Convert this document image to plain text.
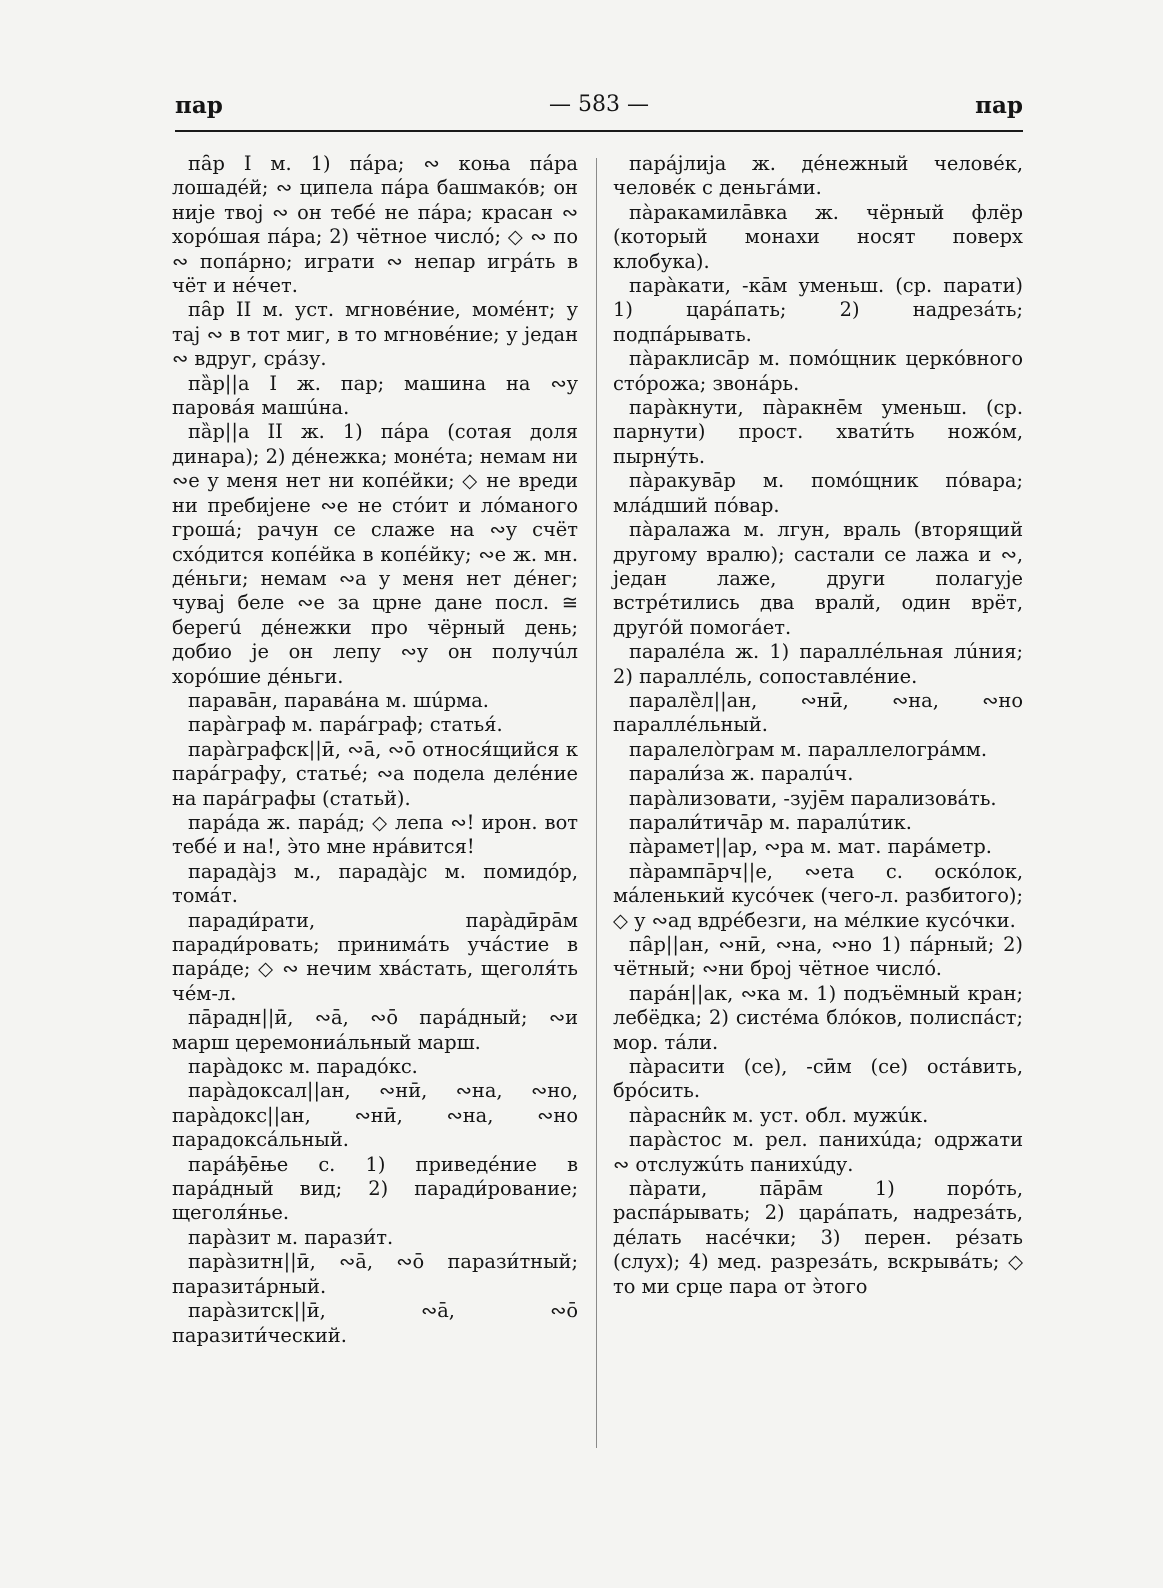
пар	— 583 —	пар

па̑р I м. 1) пáра; ∾ коња пáра лошадéй; ∾ ципела пáра башмакóв; он није твој ∾ он тебé не пáра; красан ∾ хорóшая пáра; 2) чётное числó; ◇ ∾ по ∾ попáрно; играти ∾ непар игрáть в чёт и нéчет.

па̑р II м. уст. мгновéние, момéнт; у тај ∾ в тот миг, в то мгновéние; у један ∾ вдруг, срáзу.

па̏р||а I ж. пар; машина на ∾у паровáя машúна.

па̏р||а II ж. 1) пáра (сотая доля динара); 2) дéнежка; монéта; немам ни ∾е у меня нет ни копéйки; ◇ не вреди ни пребијене ∾е не стóит и лóманого грошá; рачун се слаже на ∾у счёт схóдится копéйка в копéйку; ∾е ж. мн. дéньги; немам ∾а у меня нет дéнег; чувај беле ∾е за црне дане посл. ≅ берегú дéнежки про чёрный день; добио је он лепу ∾у он получúл хорóшие дéньги.

парава̄н, паравáна м. шúрма.

пара̀граф м. парáграф; статья́.

пара̀графск||ӣ, ∾а̄, ∾о̄ относя́щийся к парáграфу, статьé; ∾а подела делéние на парáграфы (статьй).

пара́да ж. парáд; ◇ лепа ∾! ирон. вот тебé и на!, э̀то мне нрáвится!

парада̀јз м., парада̀јс м. помидóр, томáт.

паради́рати, пара̀дӣра̄м паради́ровать; принимáть учáстие в парáде; ◇ ∾ нечим хвáстать, щеголя́ть чéм-л.

па̄радн||ӣ, ∾а̄, ∾о̄ парáдный; ∾и марш церемониáльный марш.

пара̀докс м. парадóкс.

пара̀доксал||ан, ∾нӣ, ∾на, ∾но, пара̀докс||ан, ∾нӣ, ∾на, ∾но парадоксáльный.

пара́ђе̄ње с. 1) приведéние в парáдный вид; 2) паради́рование; щеголя́нье.

пара̀зит м. парази́т.

пара̀зитн||ӣ, ∾а̄, ∾о̄ парази́тный; паразитáрный.

пара̀зитск||ӣ, ∾а̄, ∾о̄ паразити́ческий.

пара́јлија ж. дéнежный человéк, человéк с деньгáми.

па̀ракамила̄вка ж. чёрный флёр (который монахи носят поверх клобука).

пара̀кати, -ка̄м уменьш. (ср. парати) 1) царáпать; 2) надрезáть; подпáрывать.

па̀раклиса̄р м. помóщник церкóвного стóрожа; звонáрь.

пара̀кнути, па̀ракне̄м уменьш. (ср. парнути) прост. хвати́ть ножóм, пырнýть.

па̀ракува̄р м. помóщник пóвара; млáдший пóвар.

па̀ралажа м. лгун, враль (вторящий другому вралю); састали се лажа и ∾, један лаже, други полагује встрéтились два вралй, один врёт, другóй помогáет.

парале́ла ж. 1) параллéльная лúния; 2) параллéль, сопоставлéние.

парале̏л||ан, ∾нӣ, ∾на, ∾но параллéльный.

паралело̀грам м. параллелогрáмм.

парали́за ж. паралúч.

пара̀лизовати, -зује̄м парализовáть.

парали́тича̄р м. паралúтик.

па̀рамет||ар, ∾ра м. мат. парáметр.

па̀рампа̄рч||е, ∾ета с. оскóлок, мáленький кусóчек (чего-л. разбитого); ◇ у ∾ад вдрéбезги, на мéлкие кусóчки.

па̑р||ан, ∾нӣ, ∾на, ∾но 1) пáрный; 2) чётный; ∾ни број чётное числó.

пара́н||ак, ∾ка м. 1) подъёмный кран; лебёдка; 2) систéма блóков, полиспáст; мор. тáли.

па̀расити (се), -сӣм (се) остáвить, брóсить.

па̀расни̂к м. уст. обл. мужúк.

пара̀стос м. рел. панихúда; одржати ∾ отслужúть панихúду.

па̀рати, па̄ра̄м 1) порóть, распáрывать; 2) царáпать, надрезáть, дéлать насéчки; 3) перен. рéзать (слух); 4) мед. разрезáть, вскрывáть; ◇ то ми срце пара от э̀того
